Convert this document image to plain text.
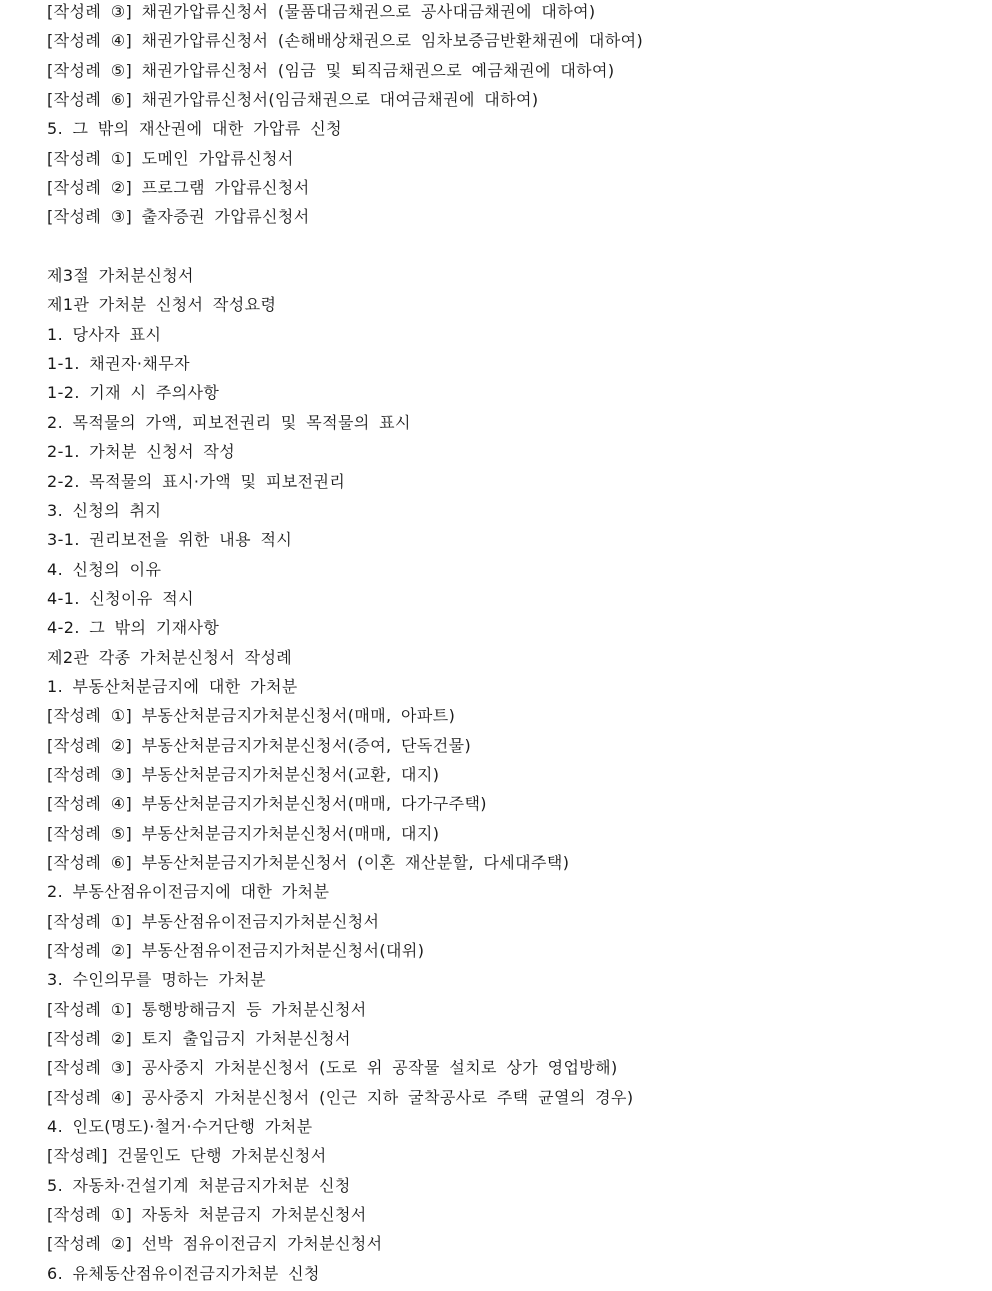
[작성례 ③] 채권가압류신청서 (물품대금채권으로 공사대금채권에 대하여)
[작성례 ④] 채권가압류신청서 (손해배상채권으로 임차보증금반환채권에 대하여)
[작성례 ⑤] 채권가압류신청서 (임금 및 퇴직금채권으로 예금채권에 대하여)
[작성례 ⑥] 채권가압류신청서(임금채권으로 대여금채권에 대하여)
5. 그 밖의 재산권에 대한 가압류 신청
[작성례 ①] 도메인 가압류신청서
[작성례 ②] 프로그램 가압류신청서
[작성례 ③] 출자증권 가압류신청서
제3절 가처분신청서
제1관 가처분 신청서 작성요령
1. 당사자 표시
1-1. 채권자·채무자
1-2. 기재 시 주의사항
2. 목적물의 가액, 피보전권리 및 목적물의 표시
2-1. 가처분 신청서 작성
2-2. 목적물의 표시·가액 및 피보전권리
3. 신청의 취지
3-1. 권리보전을 위한 내용 적시
4. 신청의 이유
4-1. 신청이유 적시
4-2. 그 밖의 기재사항
제2관 각종 가처분신청서 작성례
1. 부동산처분금지에 대한 가처분
[작성례 ①] 부동산처분금지가처분신청서(매매, 아파트)
[작성례 ②] 부동산처분금지가처분신청서(증여, 단독건물)
[작성례 ③] 부동산처분금지가처분신청서(교환, 대지)
[작성례 ④] 부동산처분금지가처분신청서(매매, 다가구주택)
[작성례 ⑤] 부동산처분금지가처분신청서(매매, 대지)
[작성례 ⑥] 부동산처분금지가처분신청서 (이혼 재산분할, 다세대주택)
2. 부동산점유이전금지에 대한 가처분
[작성례 ①] 부동산점유이전금지가처분신청서
[작성례 ②] 부동산점유이전금지가처분신청서(대위)
3. 수인의무를 명하는 가처분
[작성례 ①] 통행방해금지 등 가처분신청서
[작성례 ②] 토지 출입금지 가처분신청서
[작성례 ③] 공사중지 가처분신청서 (도로 위 공작물 설치로 상가 영업방해)
[작성례 ④] 공사중지 가처분신청서 (인근 지하 굴착공사로 주택 균열의 경우)
4. 인도(명도)·철거·수거단행 가처분
[작성례] 건물인도 단행 가처분신청서
5. 자동차·건설기계 처분금지가처분 신청
[작성례 ①] 자동차 처분금지 가처분신청서
[작성례 ②] 선박 점유이전금지 가처분신청서
6. 유체동산점유이전금지가처분 신청
